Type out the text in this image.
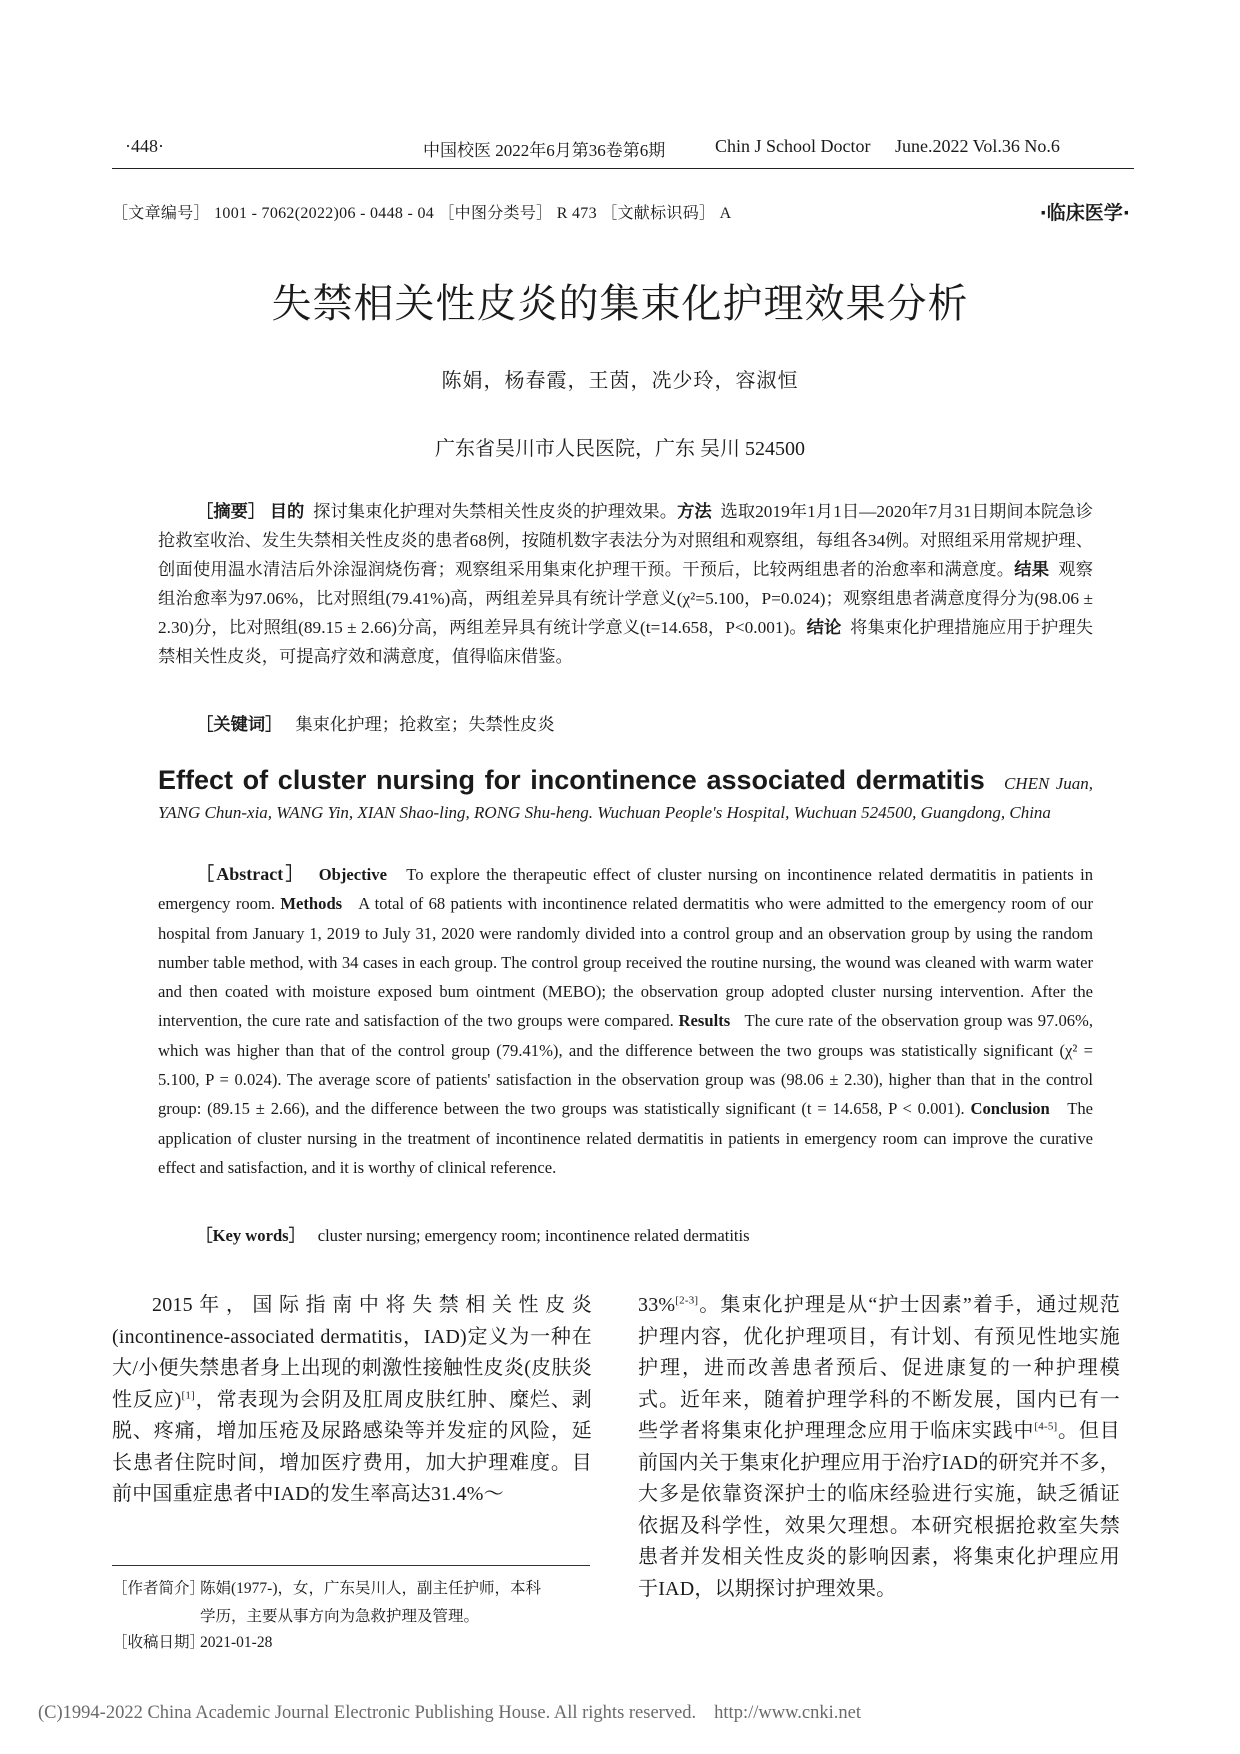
·448·	中国校医 2022年6月第36卷第6期	Chin J School Doctor June.2022 Vol.36 No.6
［文章编号］ 1001 - 7062(2022)06 - 0448 - 04 ［中图分类号］ R 473 ［文献标识码］ A	·临床医学·
失禁相关性皮炎的集束化护理效果分析
陈娟，杨春霞，王茵，冼少玲，容淑恒
广东省吴川市人民医院，广东 吴川 524500
［摘要］ 目的 探讨集束化护理对失禁相关性皮炎的护理效果。方法 选取2019年1月1日—2020年7月31日期间本院急诊抢救室收治、发生失禁相关性皮炎的患者68例，按随机数字表法分为对照组和观察组，每组各34例。对照组采用常规护理、创面使用温水清洁后外涂湿润烧伤膏；观察组采用集束化护理干预。干预后，比较两组患者的治愈率和满意度。结果 观察组治愈率为97.06%，比对照组(79.41%)高，两组差异具有统计学意义(χ²=5.100，P=0.024)；观察组患者满意度得分为(98.06 ± 2.30)分，比对照组(89.15 ± 2.66)分高，两组差异具有统计学意义(t=14.658，P<0.001)。结论 将集束化护理措施应用于护理失禁相关性皮炎，可提高疗效和满意度，值得临床借鉴。
［关键词］ 集束化护理；抢救室；失禁性皮炎
Effect of cluster nursing for incontinence associated dermatitis CHEN Juan, YANG Chun-xia, WANG Yin, XIAN Shao-ling, RONG Shu-heng. Wuchuan People's Hospital, Wuchuan 524500, Guangdong, China
［Abstract］ Objective To explore the therapeutic effect of cluster nursing on incontinence related dermatitis in patients in emergency room. Methods A total of 68 patients with incontinence related dermatitis who were admitted to the emergency room of our hospital from January 1, 2019 to July 31, 2020 were randomly divided into a control group and an observation group by using the random number table method, with 34 cases in each group. The control group received the routine nursing, the wound was cleaned with warm water and then coated with moisture exposed bum ointment (MEBO); the observation group adopted cluster nursing intervention. After the intervention, the cure rate and satisfaction of the two groups were compared. Results The cure rate of the observation group was 97.06%, which was higher than that of the control group (79.41%), and the difference between the two groups was statistically significant (χ² = 5.100, P = 0.024). The average score of patients' satisfaction in the observation group was (98.06 ± 2.30), higher than that in the control group: (89.15 ± 2.66), and the difference between the two groups was statistically significant (t = 14.658, P < 0.001). Conclusion The application of cluster nursing in the treatment of incontinence related dermatitis in patients in emergency room can improve the curative effect and satisfaction, and it is worthy of clinical reference.
［Key words］ cluster nursing; emergency room; incontinence related dermatitis
2015年，国际指南中将失禁相关性皮炎(incontinence-associated dermatitis，IAD)定义为一种在大/小便失禁患者身上出现的刺激性接触性皮炎(皮肤炎性反应)[1]，常表现为会阴及肛周皮肤红肿、糜烂、剥脱、疼痛，增加压疮及尿路感染等并发症的风险，延长患者住院时间，增加医疗费用，加大护理难度。目前中国重症患者中IAD的发生率高达31.4%～
33%[2-3]。集束化护理是从“护士因素”着手，通过规范护理内容，优化护理项目，有计划、有预见性地实施护理，进而改善患者预后、促进康复的一种护理模式。近年来，随着护理学科的不断发展，国内已有一些学者将集束化护理理念应用于临床实践中[4-5]。但目前国内关于集束化护理应用于治疗IAD的研究并不多，大多是依靠资深护士的临床经验进行实施，缺乏循证依据及科学性，效果欠理想。本研究根据抢救室失禁患者并发相关性皮炎的影响因素，将集束化护理应用于IAD，以期探讨护理效果。
［作者简介］陈娟(1977-)，女，广东吴川人，副主任护师，本科
学历，主要从事方向为急救护理及管理。
［收稿日期］2021-01-28
(C)1994-2022 China Academic Journal Electronic Publishing House. All rights reserved. http://www.cnki.net
